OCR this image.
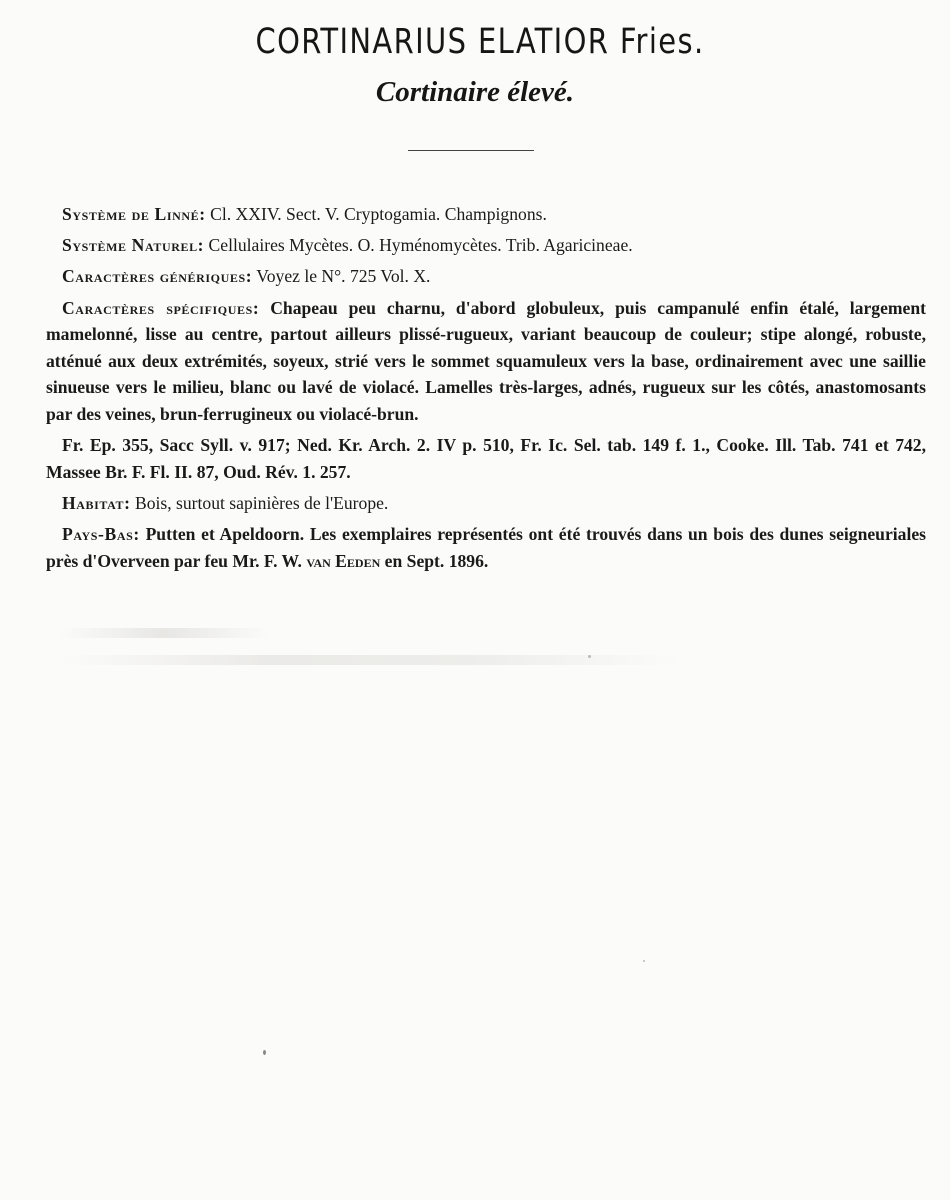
CORTINARIUS ELATIOR Fries.
Cortinaire élevé.

Système de Linné: Cl. XXIV. Sect. V. Cryptogamia. Champignons.

Système Naturel: Cellulaires Mycètes. O. Hyménomycètes. Trib. Agaricineae.

Caractères génériques: Voyez le N°. 725 Vol. X.

Caractères spécifiques: Chapeau peu charnu, d'abord globuleux, puis campanulé enfin étalé, largement mamelonné, lisse au centre, partout ailleurs plissé-rugueux, variant beaucoup de couleur; stipe alongé, robuste, atténué aux deux extrémités, soyeux, strié vers le sommet squamuleux vers la base, ordinairement avec une saillie sinueuse vers le milieu, blanc ou lavé de violacé. Lamelles très-larges, adnés, rugueux sur les côtés, anastomosants par des veines, brun-ferrugineux ou violacé-brun.

Fr. Ep. 355, Sacc Syll. v. 917; Ned. Kr. Arch. 2. IV p. 510, Fr. Ic. Sel. tab. 149 f. 1., Cooke. Ill. Tab. 741 et 742, Massee Br. F. Fl. II. 87, Oud. Rév. 1. 257.

Habitat: Bois, surtout sapinières de l'Europe.

Pays-Bas: Putten et Apeldoorn. Les exemplaires représentés ont été trouvés dans un bois des dunes seigneuriales près d'Overveen par feu Mr. F. W. van Eeden en Sept. 1896.
